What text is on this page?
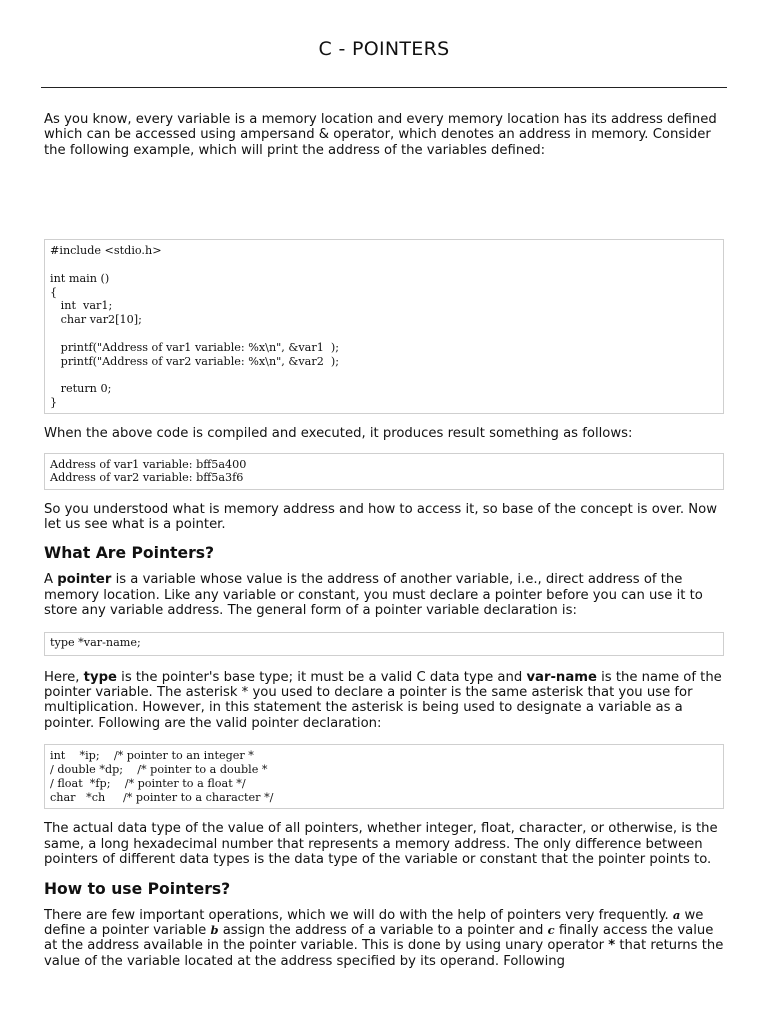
C - POINTERS

As you know, every variable is a memory location and every memory location has its address defined which can be accessed using ampersand & operator, which denotes an address in memory. Consider the following example, which will print the address of the variables defined:

#include <stdio.h>
int main ()
{
int  var1;
char var2[10];
printf("Address of var1 variable: %x\n", &var1  );
printf("Address of var2 variable: %x\n", &var2  );
return 0;
}

When the above code is compiled and executed, it produces result something as follows:

Address of var1 variable: bff5a400
Address of var2 variable: bff5a3f6

So you understood what is memory address and how to access it, so base of the concept is over. Now let us see what is a pointer.

What Are Pointers?

A pointer is a variable whose value is the address of another variable, i.e., direct address of the memory location. Like any variable or constant, you must declare a pointer before you can use it to store any variable address. The general form of a pointer variable declaration is:

type *var-name;

Here, type is the pointer's base type; it must be a valid C data type and var-name is the name of the pointer variable. The asterisk * you used to declare a pointer is the same asterisk that you use for multiplication. However, in this statement the asterisk is being used to designate a variable as a pointer. Following are the valid pointer declaration:

int    *ip;    /* pointer to an integer *
/ double *dp;    /* pointer to a double *
/ float  *fp;    /* pointer to a float */
char   *ch     /* pointer to a character */

The actual data type of the value of all pointers, whether integer, float, character, or otherwise, is the same, a long hexadecimal number that represents a memory address. The only difference between pointers of different data types is the data type of the variable or constant that the pointer points to.

How to use Pointers?

There are few important operations, which we will do with the help of pointers very frequently. a we define a pointer variable b assign the address of a variable to a pointer and c finally access the value at the address available in the pointer variable. This is done by using unary operator * that returns the value of the variable located at the address specified by its operand. Following
